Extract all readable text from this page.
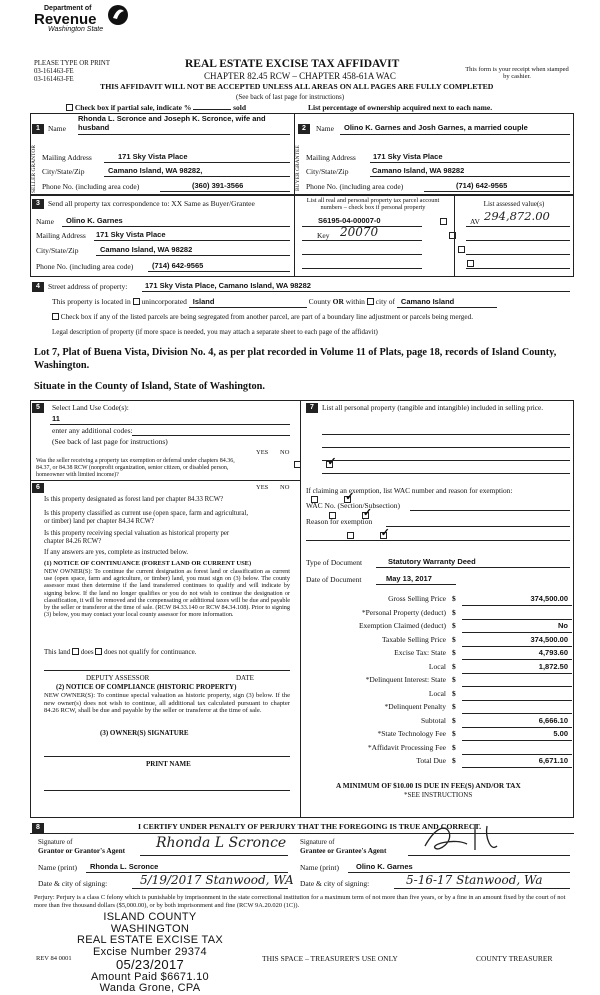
Department of
Revenue
Washington State
PLEASE TYPE OR PRINT
03-161463-FE
03-161463-FE
REAL ESTATE EXCISE TAX AFFIDAVIT
CHAPTER 82.45 RCW – CHAPTER 458-61A WAC
This form is your receipt when stamped by cashier.
THIS AFFIDAVIT WILL NOT BE ACCEPTED UNLESS ALL AREAS ON ALL PAGES ARE FULLY COMPLETED
(See back of last page for instructions)
Check box if partial sale, indicate %	sold	List percentage of ownership acquired next to each name.
SELLER GRANTOR	BUYER GRANTEE
1	Name
Rhonda L. Scronce and Joseph K. Scronce, wife and husband
Mailing Address	171 Sky Vista Place
City/State/Zip	Camano Island, WA 98282,
Phone No. (including area code)	(360) 391-3566
2	Name Olino K. Garnes and Josh Garnes, a married couple
Mailing Address 171 Sky Vista Place
City/State/Zip	Camano Island, WA 98282
Phone No. (including area code)	(714) 642-9565
3	Send all property tax correspondence to: XX Same as Buyer/Grantee
Name Olino K. Garnes
Mailing Address 171 Sky Vista Place
City/State/Zip	Camano Island, WA 98282
Phone No. (including area code) (714) 642-9565
List all real and personal property tax parcel account numbers – check box if personal property	List assessed value(s)
S6195-04-00007-0

Key 20070

AV 294,872.00
4	Street address of property: 171 Sky Vista Place, Camano Island, WA 98282
This property is located in unincorporated Island	County OR within city of Camano Island
Check box if any of the listed parcels are being segregated from another parcel, are part of a boundary line adjustment or parcels being merged.
Legal description of property (if more space is needed, you may attach a separate sheet to each page of the affidavit)
Lot 7, Plat of Buena Vista, Division No. 4, as per plat recorded in Volume 11 of Plats, page 18, records of Island County, Washington.
Situate in the County of Island, State of Washington.
5	Select Land Use Code(s):
11
enter any additional codes:
(See back of last page for instructions)
YES NO
Was the seller receiving a property tax exemption or deferral under chapters 84.36, 84.37, or 84.38 RCW (nonprofit organization, senior citizen, or disabled person, homeowner with limited income)?
✓
6	YES NO
Is this property designated as forest land per chapter 84.33 RCW?
✓
Is this property classified as current use (open space, farm and agricultural, or timber) land per chapter 84.34 RCW?
✓
Is this property receiving special valuation as historical property per chapter 84.26 RCW?
✓
If any answers are yes, complete as instructed below.
(1) NOTICE OF CONTINUANCE (FOREST LAND OR CURRENT USE)
NEW OWNER(S): To continue the current designation as forest land or classification as current use (open space, farm and agriculture, or timber) land, you must sign on (3) below. The county assessor must then determine if the land transferred continues to qualify and will indicate by signing below. If the land no longer qualifies or you do not wish to continue the designation or classification, it will be removed and the compensating or additional taxes will be due and payable by the seller or transferor at the time of sale. (RCW 84.33.140 or RCW 84.34.108). Prior to signing (3) below, you may contact your local county assessor for more information.
This land does does not qualify for continuance.
DEPUTY ASSESSOR	DATE
(2) NOTICE OF COMPLIANCE (HISTORIC PROPERTY)
NEW OWNER(S): To continue special valuation as historic property, sign (3) below. If the new owner(s) does not wish to continue, all additional tax calculated pursuant to chapter 84.26 RCW, shall be due and payable by the seller or transferor at the time of sale.
(3) OWNER(S) SIGNATURE
PRINT NAME
7	List all personal property (tangible and intangible) included in selling price.
If claiming an exemption, list WAC number and reason for exemption:
WAC No. (Section/Subsection)
Reason for exemption
Type of Document	Statutory Warranty Deed
Date of Document	May 13, 2017
Gross Selling Price $	374,500.00
*Personal Property (deduct) $
Exemption Claimed (deduct) $	No
Taxable Selling Price $	374,500.00
Excise Tax: State $	4,793.60
Local $	1,872.50
*Delinquent Interest: State $
Local $
*Delinquent Penalty $
Subtotal $	6,666.10
*State Technology Fee $	5.00
*Affidavit Processing Fee $
Total Due $	6,671.10
A MINIMUM OF $10.00 IS DUE IN FEE(S) AND/OR TAX
*SEE INSTRUCTIONS
8	I CERTIFY UNDER PENALTY OF PERJURY THAT THE FOREGOING IS TRUE AND CORRECT.
Signature of
Grantor or Grantor's Agent Rhonda L Scronce Signature of
Grantee or Grantee's Agent
Name (print) Rhonda L. Scronce	Name (print) Olino K. Garnes
Date & city of signing:	5/19/2017 Stanwood, WA Date & city of signing:	5-16-17 Stanwood, Wa
Perjury: Perjury is a class C felony which is punishable by imprisonment in the state correctional institution for a maximum term of not more than five years, or by a fine in an amount fixed by the court of not more than five thousand dollars ($5,000.00), or by both imprisonment and fine (RCW 9A.20.020 (1C)).
ISLAND COUNTY WASHINGTON
REAL ESTATE EXCISE TAX
Excise Number 29374
05/23/2017
Amount Paid $6671.10
Wanda Grone, CPA
REV 84 0001	THIS SPACE – TREASURER'S USE ONLY	COUNTY TREASURER
